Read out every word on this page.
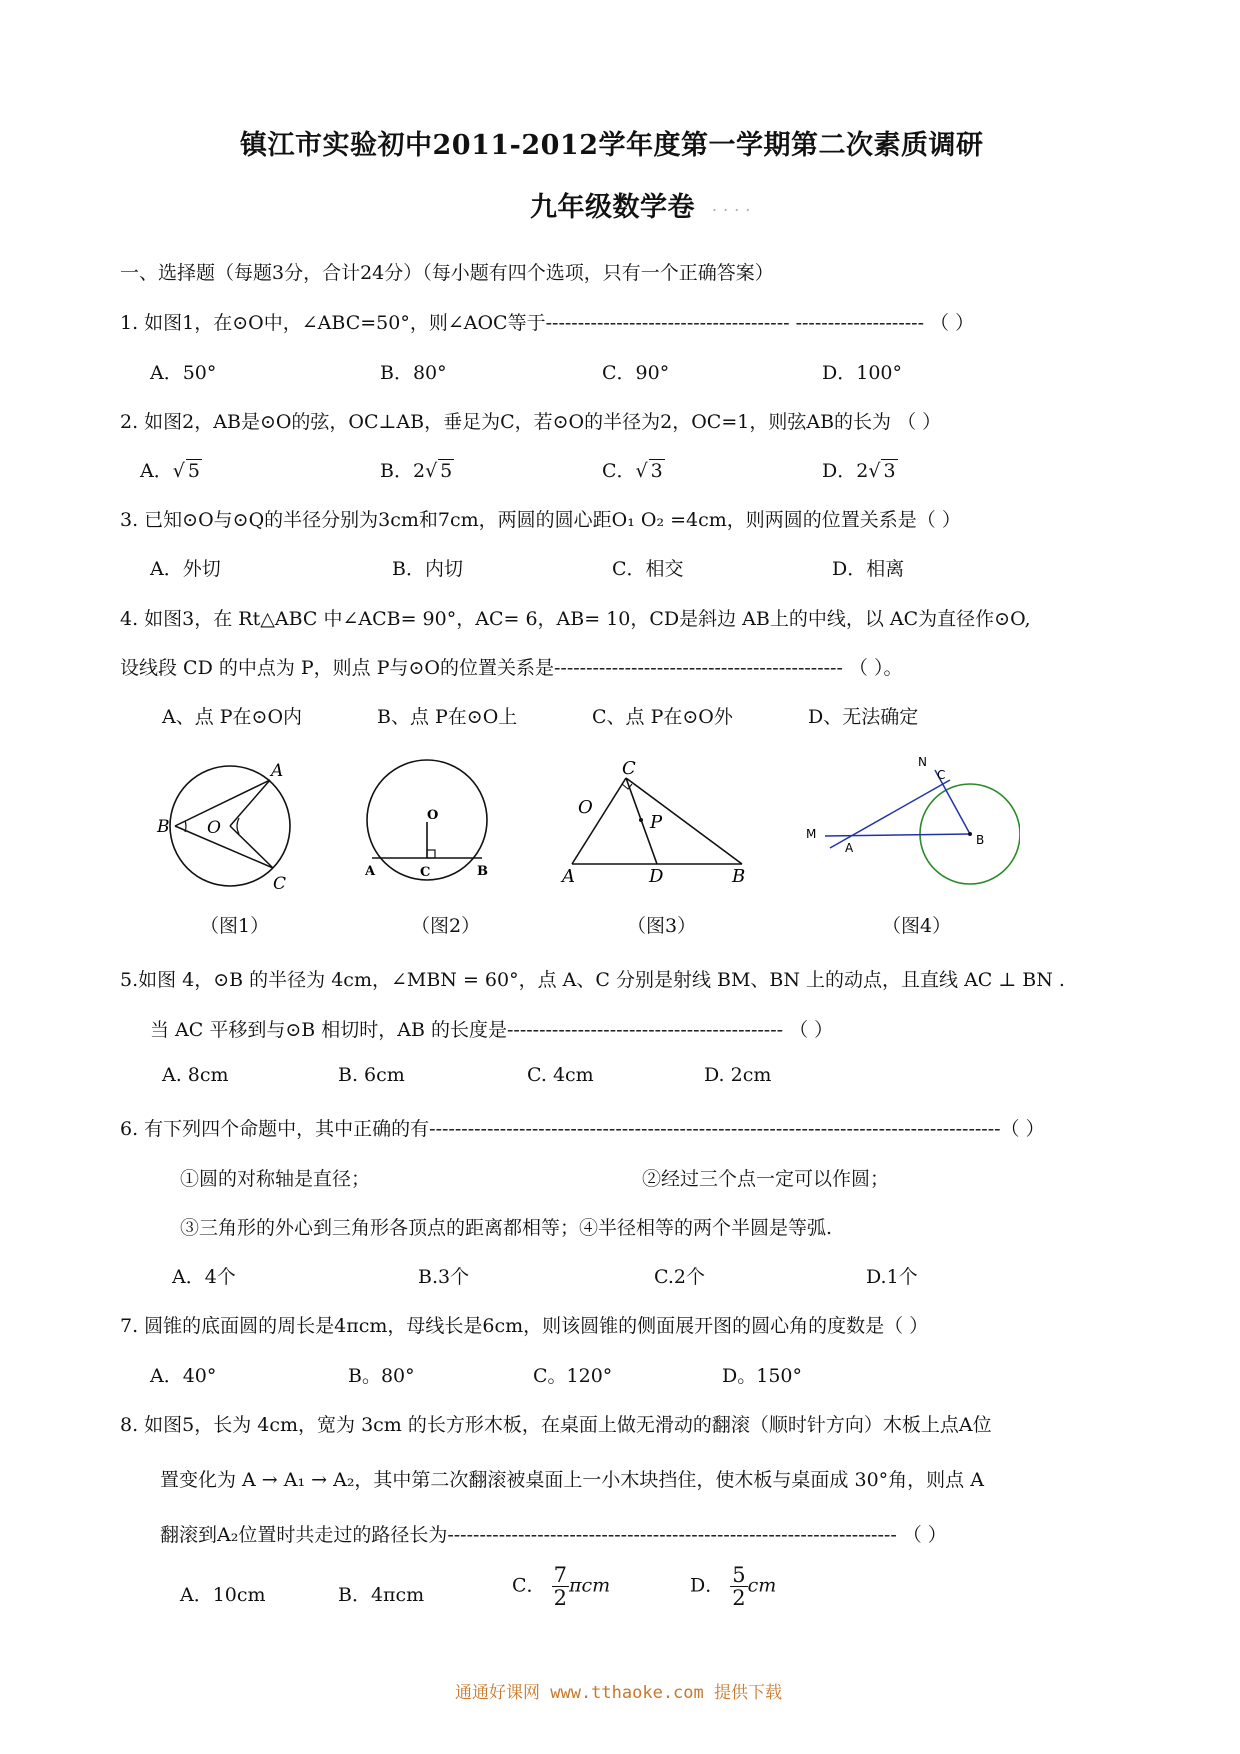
镇江市实验初中2011-2012学年度第一学期第二次素质调研
九年级数学卷 ....
一、选择题（每题3分，合计24分）（每小题有四个选项，只有一个正确答案）
1. 如图1，在⊙O中，∠ABC=50°，则∠AOC等于-------------------------------------- -------------------- （ ）
A．50°	B．80°	C．90°	D．100°
2. 如图2，AB是⊙O的弦，OC⊥AB，垂足为C，若⊙O的半径为2，OC=1，则弦AB的长为 （ ）
A．√ 5	B．2√ 5	C．√ 3	D．2√ 3
3. 已知⊙O与⊙Q的半径分别为3cm和7cm，两圆的圆心距O₁ O₂ =4cm，则两圆的位置关系是（ ）
A．外切	B．内切	C．相交	D．相离
4. 如图3，在 Rt△ABC 中∠ACB= 90°，AC= 6，AB= 10，CD是斜边 AB上的中线，以 AC为直径作⊙O,
设线段 CD 的中点为 P，则点 P与⊙O的位置关系是--------------------------------------------- （ ）。
A、点 P在⊙O内	B、点 P在⊙O上	C、点 P在⊙O外	D、无法确定
A
B O
C
O
A	C	B
C
O
P
A	D	B
N
C
M
A
B
（图1）	（图2）	（图3）	（图4）
5.如图 4，⊙B 的半径为 4cm，∠MBN = 60°，点 A、C 分别是射线 BM、BN 上的动点，且直线 AC ⊥ BN .
当 AC 平移到与⊙B 相切时，AB 的长度是------------------------------------------- （ ）
A. 8cm	B. 6cm	C. 4cm	D. 2cm
6. 有下列四个命题中，其中正确的有-----------------------------------------------------------------------------------------（ ）
①圆的对称轴是直径；	②经过三个点一定可以作圆；
③三角形的外心到三角形各顶点的距离都相等；④半径相等的两个半圆是等弧.
A．4个	B.3个	C.2个	D.1个
7. 圆锥的底面圆的周长是4πcm，母线长是6cm，则该圆锥的侧面展开图的圆心角的度数是（ ）
A．40°	B。80°	C。120°	D。150°
8. 如图5，长为 4cm，宽为 3cm 的长方形木板，在桌面上做无滑动的翻滚（顺时针方向）木板上点A位
置变化为 A → A₁ → A₂，其中第二次翻滚被桌面上一小木块挡住，使木板与桌面成 30°角，则点 A
翻滚到A₂位置时共走过的路径长为---------------------------------------------------------------------- （ ）
A．10cm	B．4πcm	C． $\frac{7}{2}$ πcm	D． $\frac{5}{2}$ cm
通通好课网 www.tthaoke.com 提供下载
